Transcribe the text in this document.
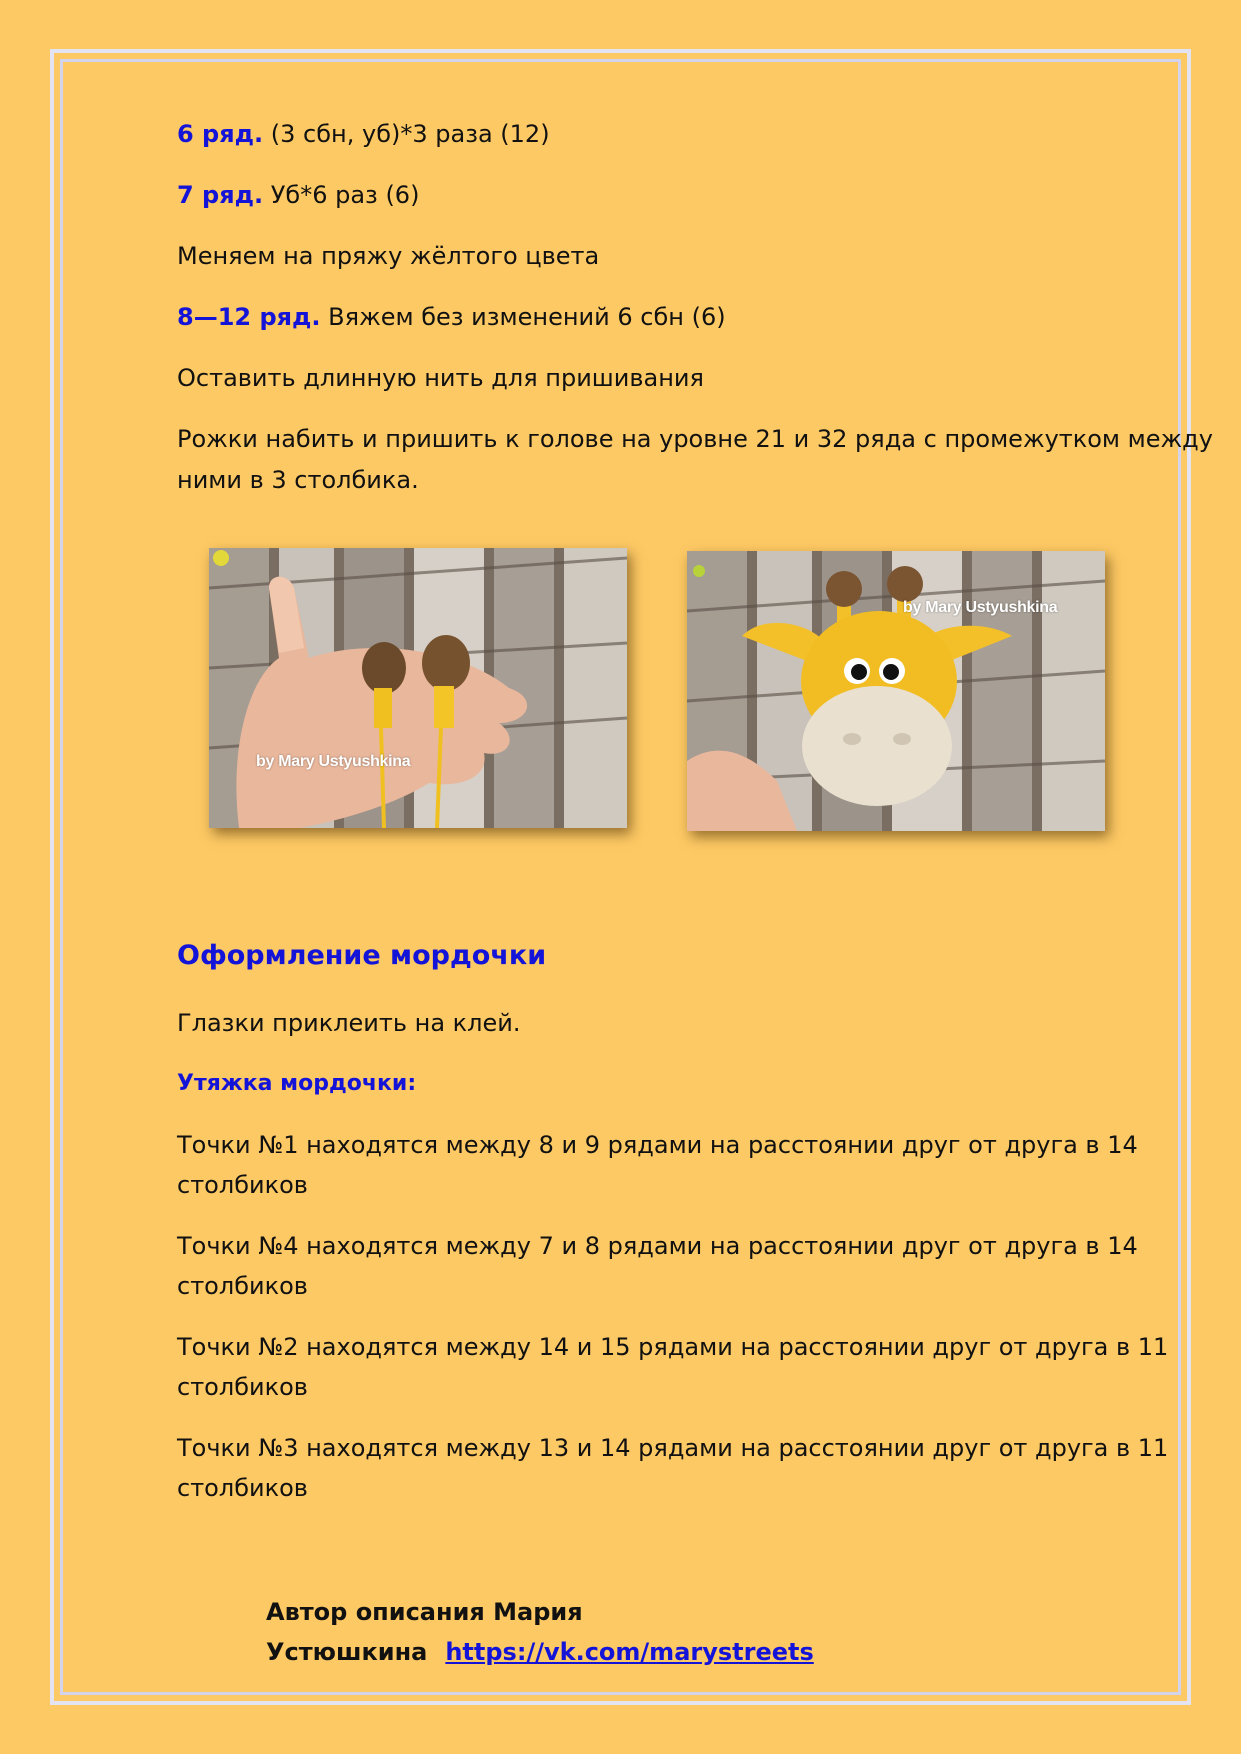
6 ряд. (3 сбн, уб)*3 раза (12)

7 ряд. Уб*6 раз (6)

Меняем на пряжу жёлтого цвета

8—12 ряд. Вяжем без изменений 6 сбн (6)

Оставить длинную нить для пришивания

Рожки набить и пришить к голове на уровне 21 и 32 ряда с промежутком между

ними в 3 столбика.

by Mary Ustyushkina
by Mary Ustyushkina
Оформление мордочки

Глазки приклеить на клей.

Утяжка мордочки:

Точки №1 находятся между 8 и 9 рядами на расстоянии друг от друга в 14

столбиков

Точки №4 находятся между 7 и 8 рядами на расстоянии друг от друга в 14

столбиков

Точки №2 находятся между 14 и 15 рядами на расстоянии друг от друга в 11

столбиков

Точки №3 находятся между 13 и 14 рядами на расстоянии друг от друга в 11

столбиков

Автор описания Мария Устюшкина https://vk.com/marystreets
